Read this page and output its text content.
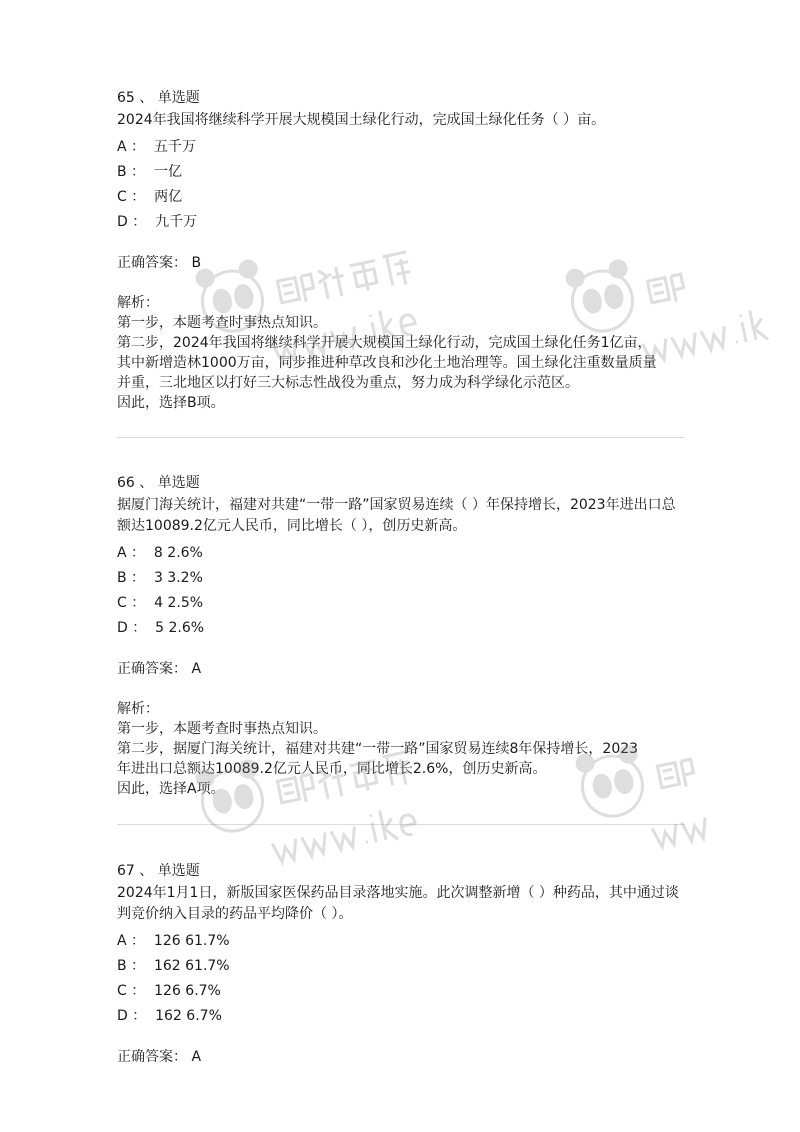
65 、 单选题
2024年我国将继续科学开展大规模国土绿化行动，完成国土绿化任务（ ）亩。
A ：  五千万
B ：  一亿
C ：  两亿
D ：  九千万
正确答案： B
解析：
第一步，本题考查时事热点知识。
第二步，2024年我国将继续科学开展大规模国土绿化行动，完成国土绿化任务1亿亩，
其中新增造林1000万亩，同步推进种草改良和沙化土地治理等。国土绿化注重数量质量
并重，三北地区以打好三大标志性战役为重点，努力成为科学绿化示范区。
因此，选择B项。
66 、 单选题
据厦门海关统计，福建对共建“一带一路”国家贸易连续（ ）年保持增长，2023年进出口总额达10089.2亿元人民币，同比增长（ ），创历史新高。
A ：  8 2.6%
B ：  3 3.2%
C ：  4 2.5%
D ：  5 2.6%
正确答案： A
解析：
第一步，本题考查时事热点知识。
第二步，据厦门海关统计，福建对共建“一带一路”国家贸易连续8年保持增长，2023
年进出口总额达10089.2亿元人民币，同比增长2.6%，创历史新高。
因此，选择A项。
67 、 单选题
2024年1月1日，新版国家医保药品目录落地实施。此次调整新增（ ）种药品，其中通过谈判竞价纳入目录的药品平均降价（ ）。
A ：  126 61.7%
B ：  162 61.7%
C ：  126 6.7%
D ：  162 6.7%
正确答案： A
